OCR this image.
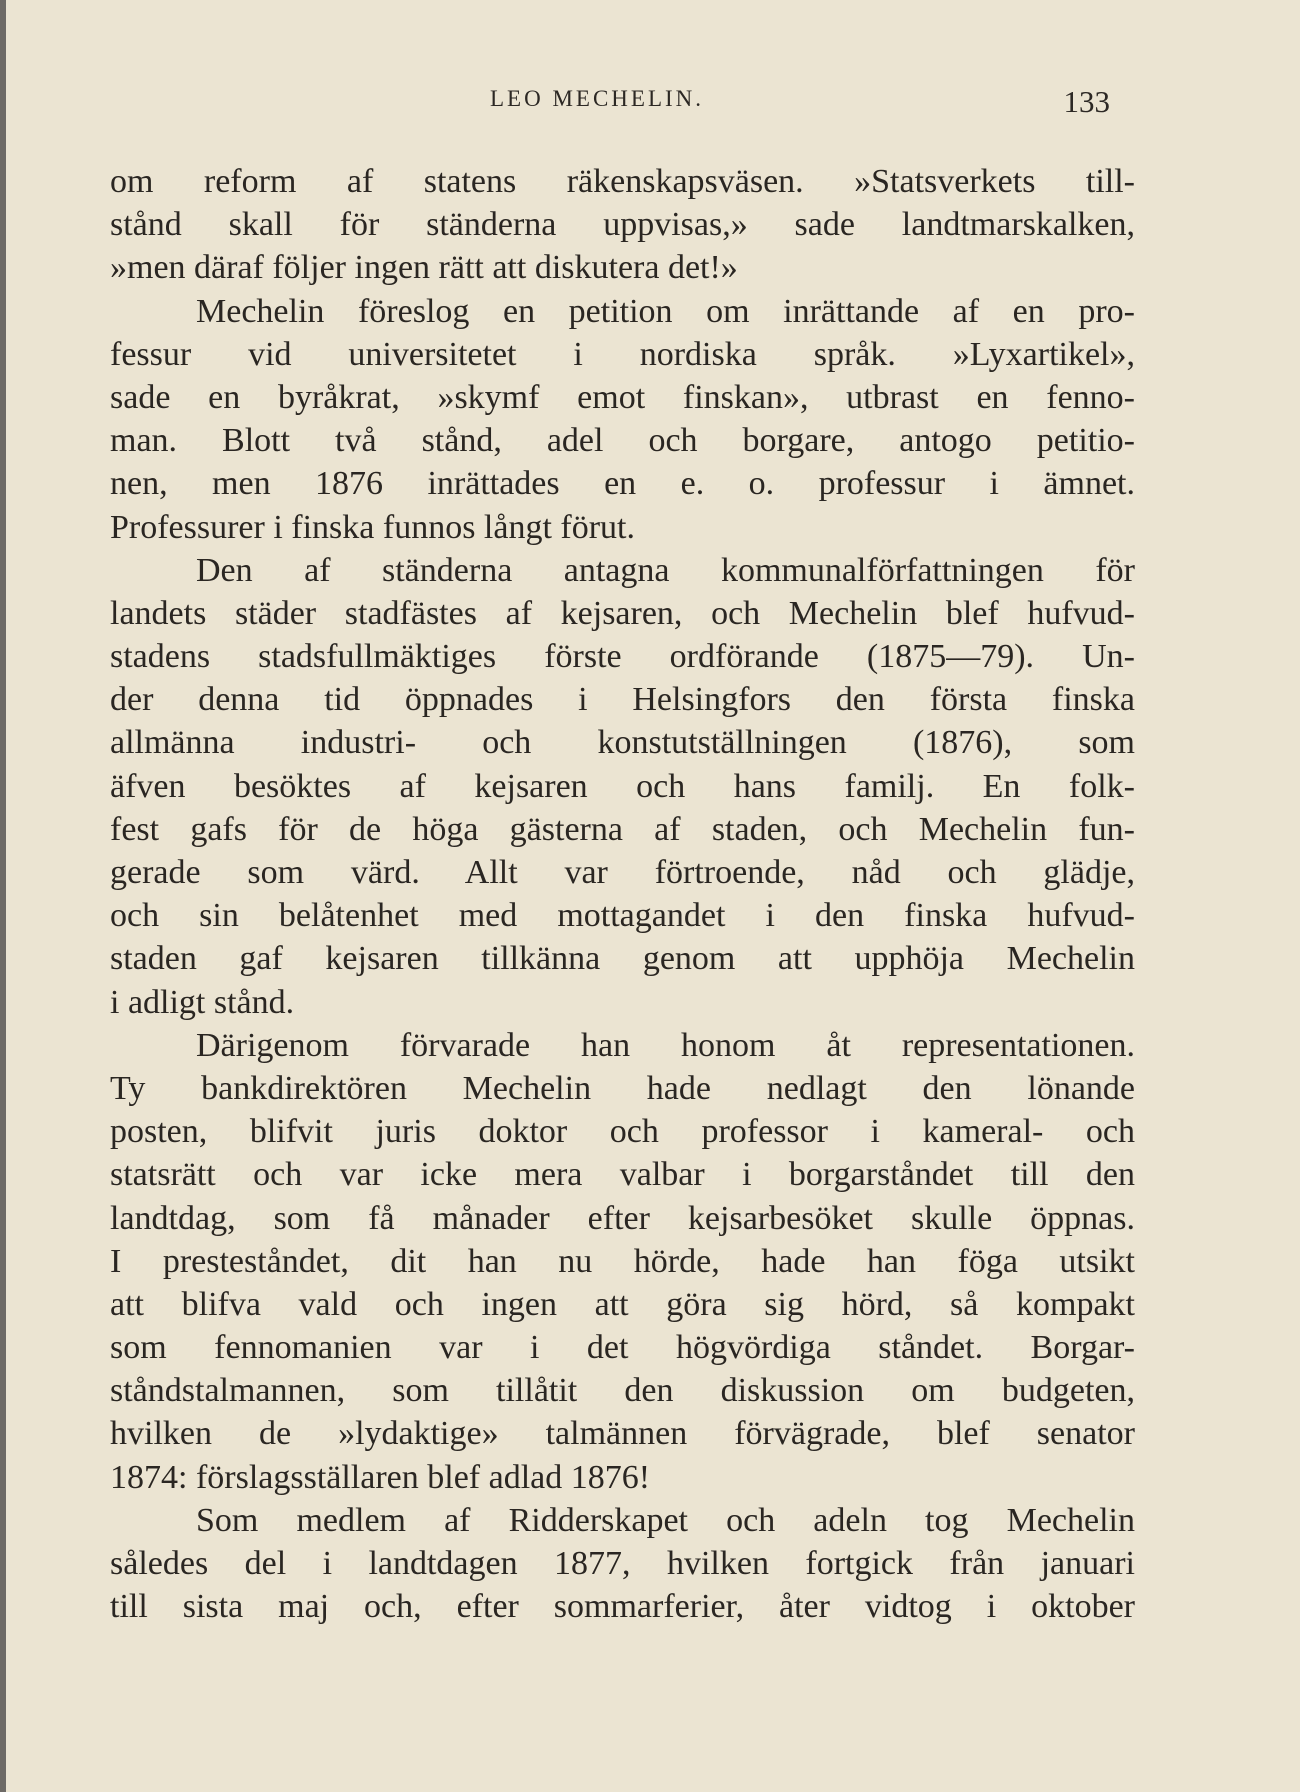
LEO MECHELIN.	133
om reform af statens räkenskapsväsen. »Statsverkets till-
stånd skall för ständerna uppvisas,» sade landtmarskalken,
»men däraf följer ingen rätt att diskutera det!»
Mechelin föreslog en petition om inrättande af en pro-
fessur vid universitetet i nordiska språk. »Lyxartikel»,
sade en byråkrat, »skymf emot finskan», utbrast en fenno-
man. Blott två stånd, adel och borgare, antogo petitio-
nen, men 1876 inrättades en e. o. professur i ämnet.
Professurer i finska funnos långt förut.
Den af ständerna antagna kommunalförfattningen för
landets städer stadfästes af kejsaren, och Mechelin blef hufvud-
stadens stadsfullmäktiges förste ordförande (1875—79). Un-
der denna tid öppnades i Helsingfors den första finska
allmänna industri- och konstutställningen (1876), som
äfven besöktes af kejsaren och hans familj. En folk-
fest gafs för de höga gästerna af staden, och Mechelin fun-
gerade som värd. Allt var förtroende, nåd och glädje,
och sin belåtenhet med mottagandet i den finska hufvud-
staden gaf kejsaren tillkänna genom att upphöja Mechelin
i adligt stånd.
Därigenom förvarade han honom åt representationen.
Ty bankdirektören Mechelin hade nedlagt den lönande
posten, blifvit juris doktor och professor i kameral- och
statsrätt och var icke mera valbar i borgarståndet till den
landtdag, som få månader efter kejsarbesöket skulle öppnas.
I presteståndet, dit han nu hörde, hade han föga utsikt
att blifva vald och ingen att göra sig hörd, så kompakt
som fennomanien var i det högvördiga ståndet. Borgar-
ståndstalmannen, som tillåtit den diskussion om budgeten,
hvilken de »lydaktige» talmännen förvägrade, blef senator
1874: förslagsställaren blef adlad 1876!
Som medlem af Ridderskapet och adeln tog Mechelin
således del i landtdagen 1877, hvilken fortgick från januari
till sista maj och, efter sommarferier, åter vidtog i oktober
